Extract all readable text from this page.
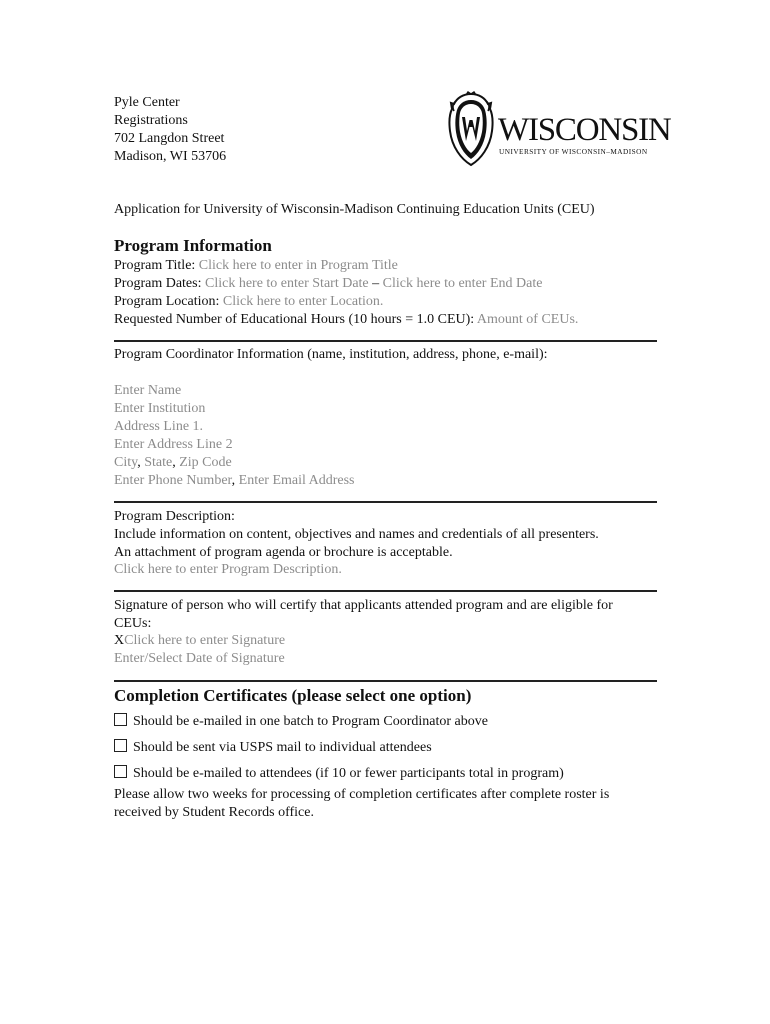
Pyle Center
Registrations
702 Langdon Street
Madison, WI 53706
WISCONSIN
UNIVERSITY OF WISCONSIN–MADISON
Application for University of Wisconsin-Madison Continuing Education Units (CEU)
Program Information
Program Title: Click here to enter in Program Title
Program Dates: Click here to enter Start Date – Click here to enter End Date
Program Location: Click here to enter Location.
Requested Number of Educational Hours (10 hours = 1.0 CEU): Amount of CEUs.
Program Coordinator Information (name, institution, address, phone, e-mail):
Enter Name
Enter Institution
Address Line 1.
Enter Address Line 2
City, State, Zip Code
Enter Phone Number, Enter Email Address
Program Description:
Include information on content, objectives and names and credentials of all presenters.
An attachment of program agenda or brochure is acceptable.
Click here to enter Program Description.
Signature of person who will certify that applicants attended program and are eligible for
CEUs:
XClick here to enter Signature
Enter/Select Date of Signature
Completion Certificates (please select one option)
Should be e-mailed in one batch to Program Coordinator above
Should be sent via USPS mail to individual attendees
Should be e-mailed to attendees (if 10 or fewer participants total in program)
Please allow two weeks for processing of completion certificates after complete roster is
received by Student Records office.
